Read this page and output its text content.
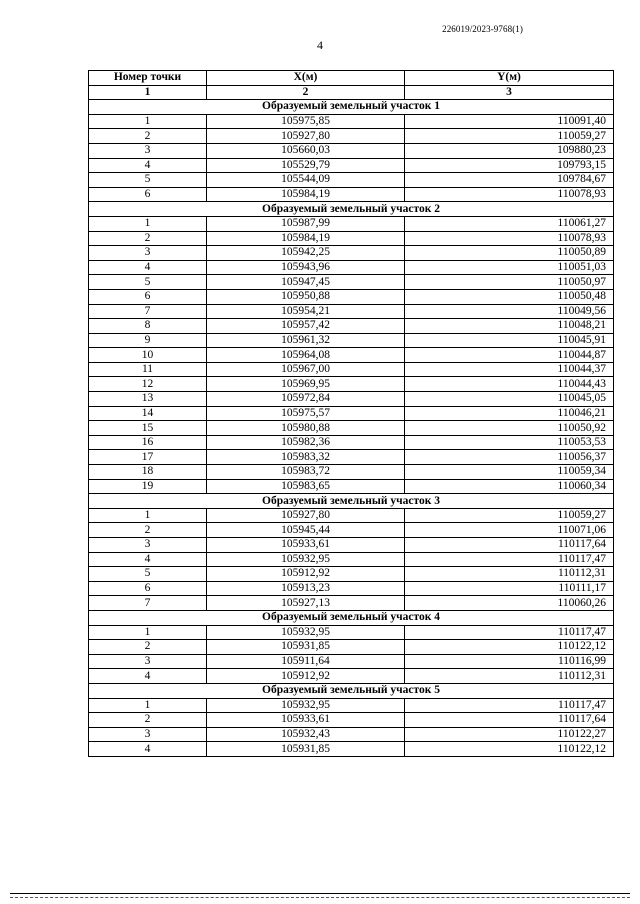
226019/2023-9768(1)
4
Номер точки	X(м)	Y(м)
1	2	3
Образуемый земельный участок 1		
1	105975,85	110091,40
2	105927,80	110059,27
3	105660,03	109880,23
4	105529,79	109793,15
5	105544,09	109784,67
6	105984,19	110078,93
Образуемый земельный участок 2		
1	105987,99	110061,27
2	105984,19	110078,93
3	105942,25	110050,89
4	105943,96	110051,03
5	105947,45	110050,97
6	105950,88	110050,48
7	105954,21	110049,56
8	105957,42	110048,21
9	105961,32	110045,91
10	105964,08	110044,87
11	105967,00	110044,37
12	105969,95	110044,43
13	105972,84	110045,05
14	105975,57	110046,21
15	105980,88	110050,92
16	105982,36	110053,53
17	105983,32	110056,37
18	105983,72	110059,34
19	105983,65	110060,34
Образуемый земельный участок 3		
1	105927,80	110059,27
2	105945,44	110071,06
3	105933,61	110117,64
4	105932,95	110117,47
5	105912,92	110112,31
6	105913,23	110111,17
7	105927,13	110060,26
Образуемый земельный участок 4		
1	105932,95	110117,47
2	105931,85	110122,12
3	105911,64	110116,99
4	105912,92	110112,31
Образуемый земельный участок 5		
1	105932,95	110117,47
2	105933,61	110117,64
3	105932,43	110122,27
4	105931,85	110122,12
